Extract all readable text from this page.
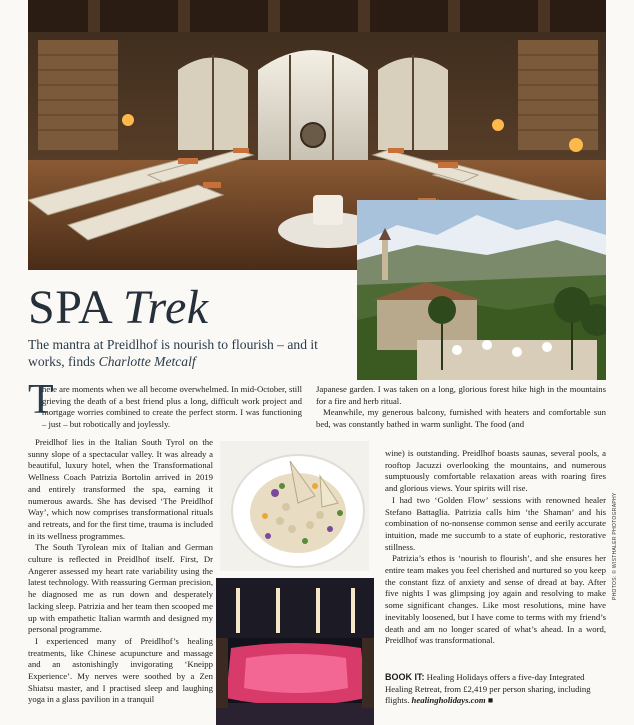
SPA Trek
The mantra at Preidlhof is nourish to flourish – and it works, finds Charlotte Metcalf
T

here are moments when we all become overwhelmed. In mid-October, still grieving the death of a best friend plus a long, difficult work project and mortgage worries combined to create the perfect storm. I was functioning – just – but robotically and joylessly.

Preidlhof lies in the Italian South Tyrol on the sunny slope of a spectacular valley. It was already a beautiful, luxury hotel, when the Transformational Wellness Coach Patrizia Bortolin arrived in 2019 and entirely transformed the spa, earning it numerous awards. She has devised ‘The Preidlhof Way’, which now comprises transformational rituals and retreats, and for the first time, trauma is included in its wellness programmes.

The South Tyrolean mix of Italian and German culture is reflected in Preidlhof itself. First, Dr Angerer assessed my heart rate variability using the latest technology. With reassuring German precision, he diagnosed me as run down and desperately lacking sleep. Patrizia and her team then scooped me up with empathetic Italian warmth and designed my personal programme.

I experienced many of Preidlhof’s healing treatments, like Chinese acupuncture and massage and an astonishingly invigorating ‘Kneipp Experience’. My nerves were soothed by a Zen Shiatsu master, and I practised sleep and laughing yoga in a glass pavilion in a tranquil

Japanese garden. I was taken on a long, glorious forest hike high in the mountains for a fire and herb ritual.

Meanwhile, my generous balcony, furnished with heaters and comfortable sun bed, was constantly bathed in warm sunlight. The food (and

wine) is outstanding. Preidlhof boasts saunas, several pools, a rooftop Jacuzzi overlooking the mountains, and numerous sumptuously comfortable relaxation areas with roaring fires and glorious views. Your spirits will rise.

I had two ‘Golden Flow’ sessions with renowned healer Stefano Battaglia. Patrizia calls him ‘the Shaman’ and his combination of no-nonsense common sense and eerily accurate intuition, made me succumb to a state of euphoric, restorative stillness.

Patrizia’s ethos is ‘nourish to flourish’, and she ensures her entire team makes you feel cherished and nurtured so you keep the constant fizz of anxiety and sense of dread at bay. After five nights I was glimpsing joy again and resolving to make some significant changes. Like most resolutions, mine have inevitably loosened, but I have come to terms with my friend’s death and am no longer scared of what’s ahead. In a word, Preidlhof was transformational.

BOOK IT: Healing Holidays offers a five-day Integrated Healing Retreat, from £2,419 per person sharing, including flights. healingholidays.com ■
PHOTOS: © WISTHALER PHOTOGRAPHY
